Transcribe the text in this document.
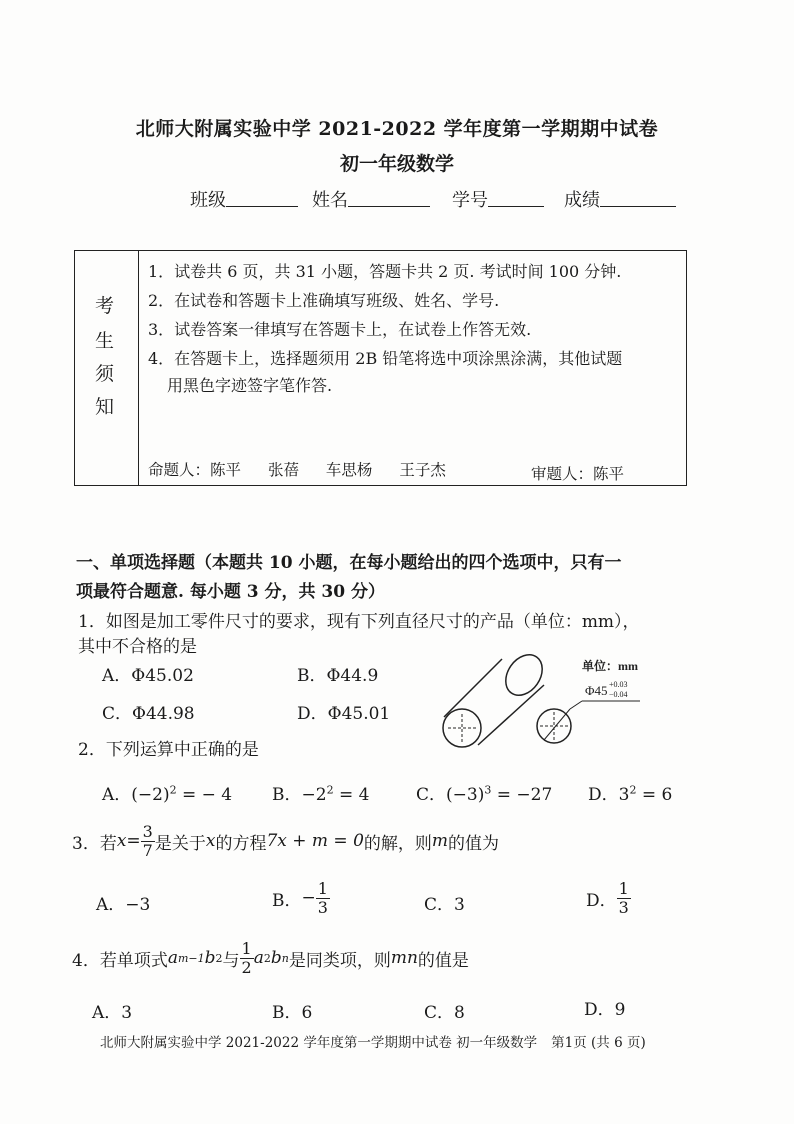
北师大附属实验中学 2021-2022 学年度第一学期期中试卷
初一年级数学
班级	姓名	学号	成绩
考
生
须
知
1．试卷共 6 页，共 31 小题，答题卡共 2 页. 考试时间 100 分钟.
2．在试卷和答题卡上准确填写班级、姓名、学号.
3．试卷答案一律填写在答题卡上，在试卷上作答无效.
4．在答题卡上，选择题须用 2B 铅笔将选中项涂黑涂满，其他试题
用黑色字迹签字笔作答.
命题人：陈平 张蓓 车思杨 王子杰	审题人：陈平
一、单项选择题（本题共 10 小题，在每小题给出的四个选项中，只有一
项最符合题意. 每小题 3 分，共 30 分）
1．如图是加工零件尺寸的要求，现有下列直径尺寸的产品（单位：mm），
其中不合格的是
A．Φ45.02	B．Φ44.9
C．Φ44.98	D．Φ45.01
单位：mm
Φ45 +0.03
−0.04
2．下列运算中正确的是
A．$(-2)^2$ = − 4 B．$-2^2 = 4$	C．$(-3)^3 = -27$ D．$3^2 = 6$
3． 若 $x = \frac{3}{7}$ 是关于 x 的方程 7x + m = 0 的解，则 m 的值为
A．−3	B． − $\frac{1}{3}$	C．3	D． $\frac{1}{3}$
4． 若单项式 a m−1 b 2 与 $\frac{1}{2}$ a 2 b n 是同类项，则 mn 的值是
A．3	B．6	C．8	D．9
北师大附属实验中学 2021-2022 学年度第一学期期中试卷 初一年级数学 第1页 (共 6 页)
